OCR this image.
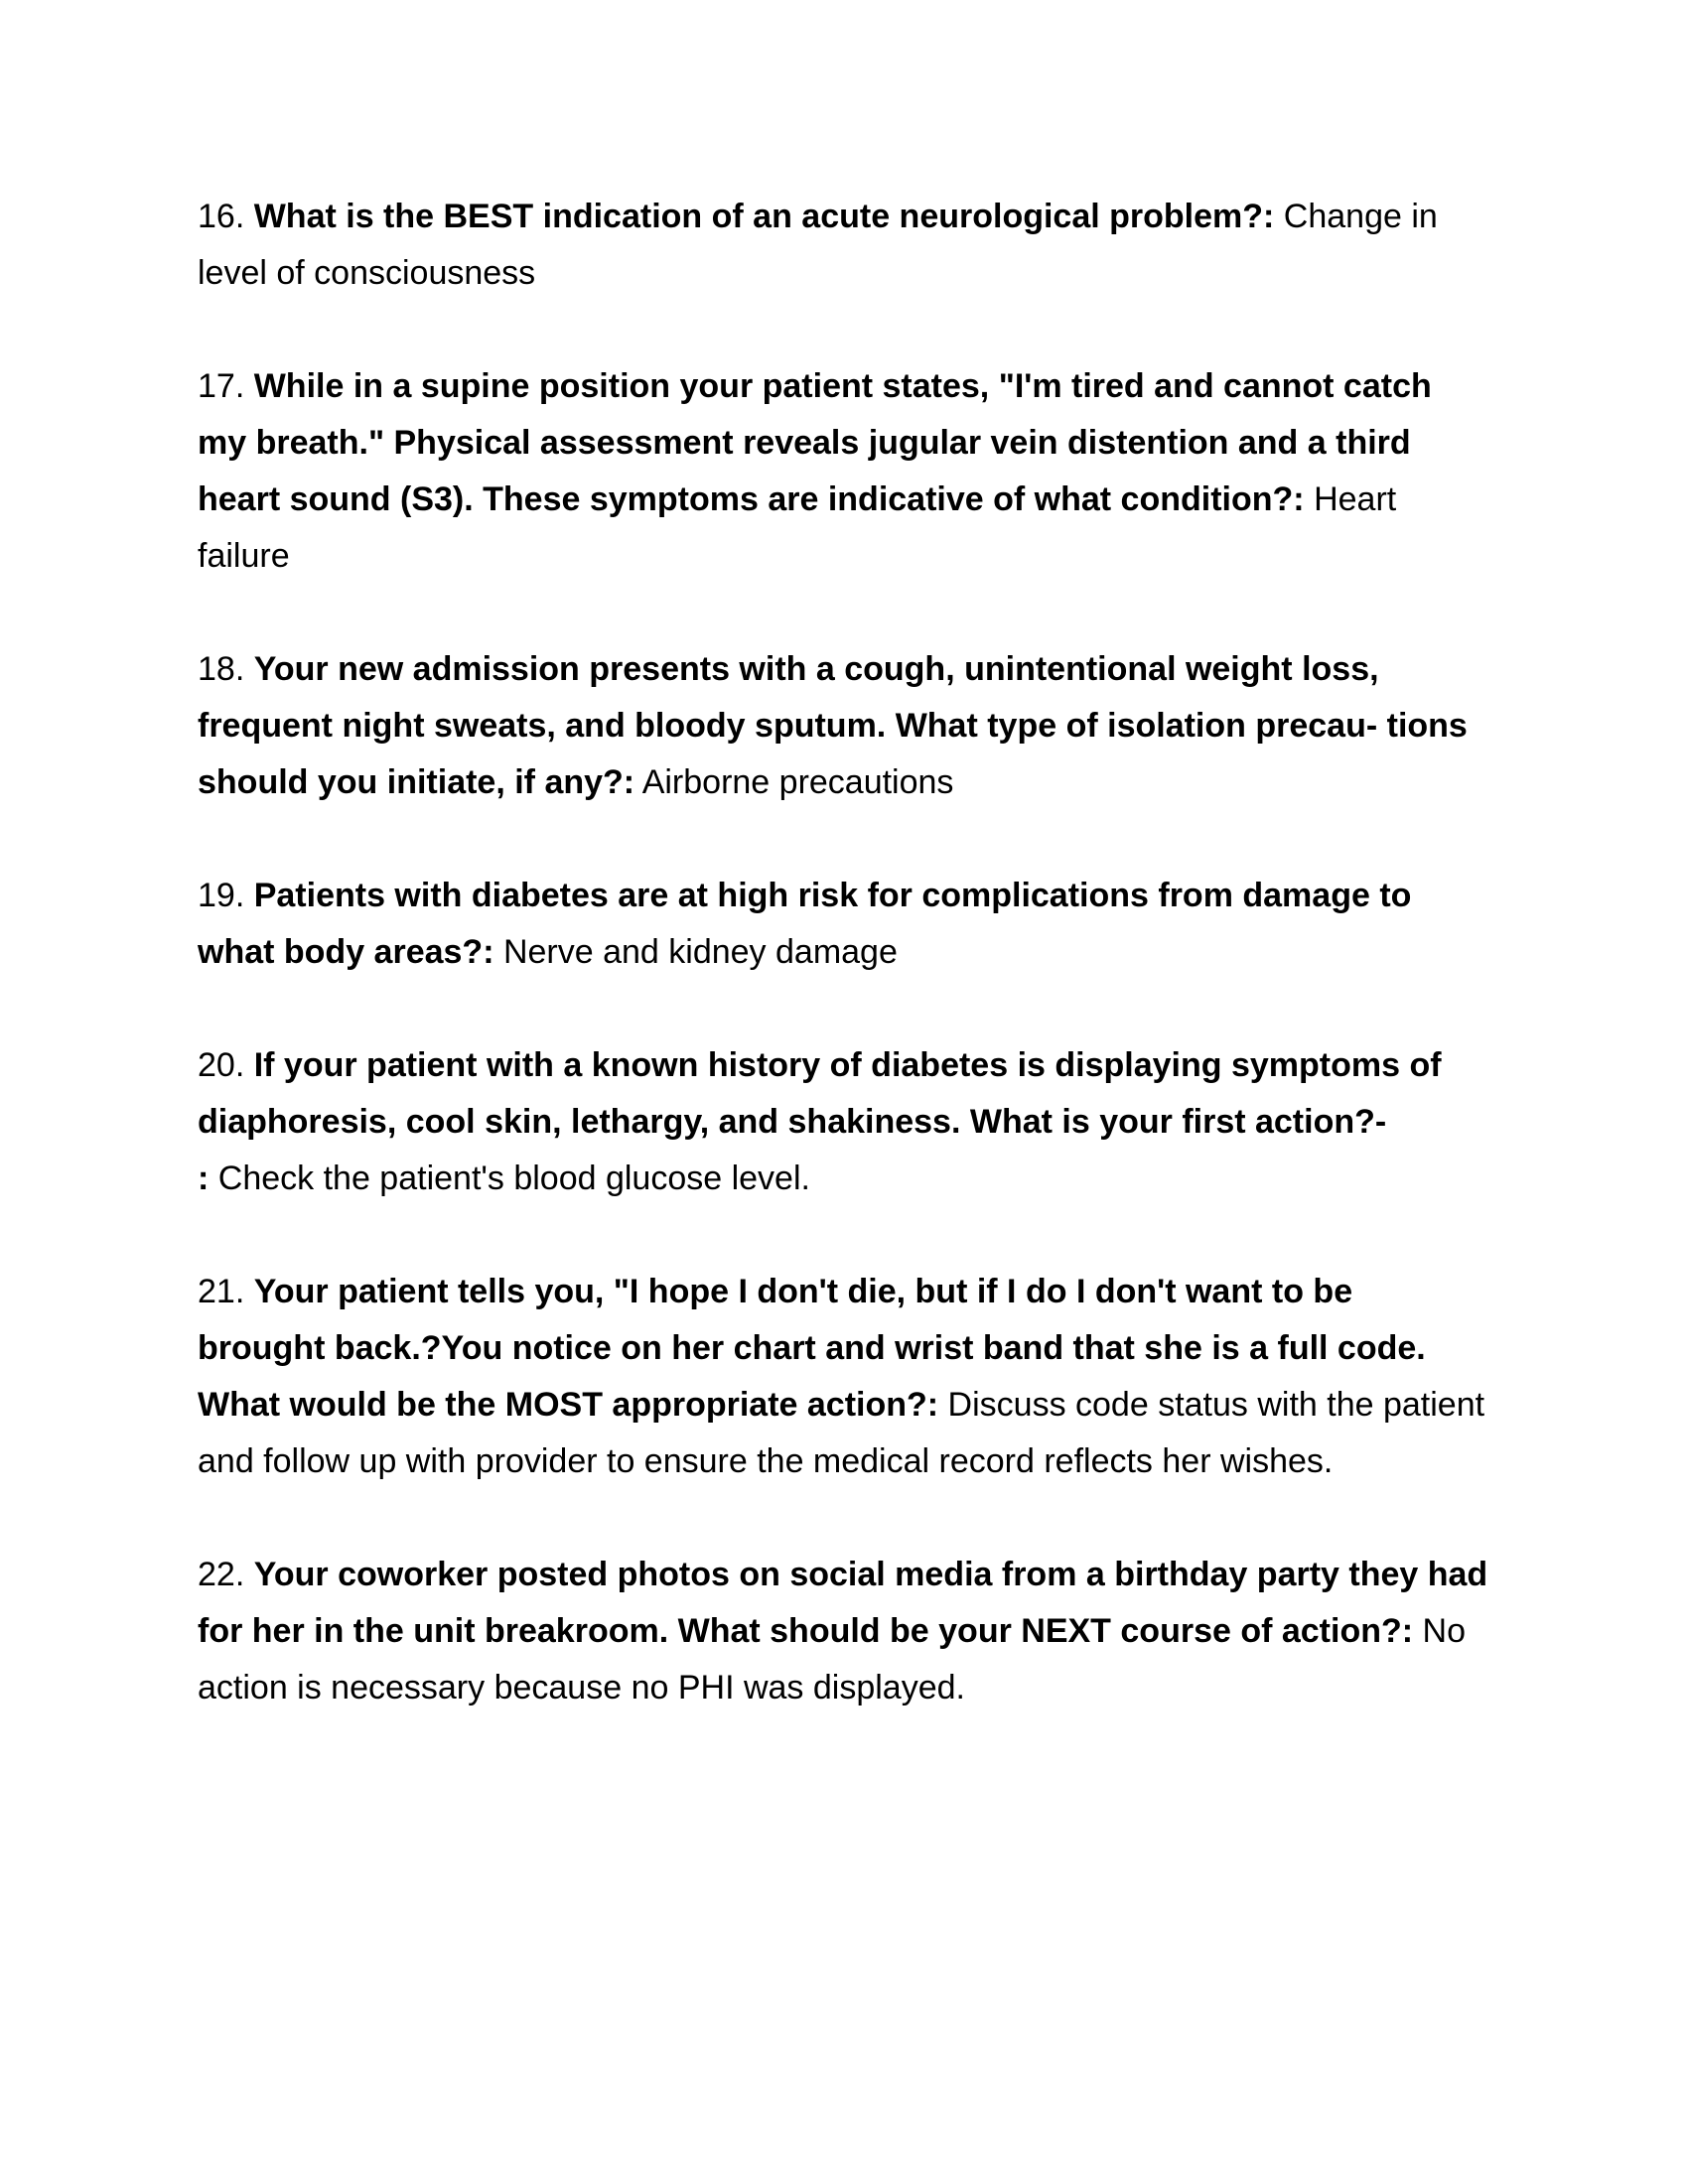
16. What is the BEST indication of an acute neurological problem?: Change in level of consciousness

17. While in a supine position your patient states, "I'm tired and cannot catch my breath." Physical assessment reveals jugular vein distention and a third heart sound (S3). These symptoms are indicative of what condition?: Heart failure

18. Your new admission presents with a cough, unintentional weight loss, frequent night sweats, and bloody sputum. What type of isolation precau- tions should you initiate, if any?: Airborne precautions

19. Patients with diabetes are at high risk for complications from damage to what body areas?: Nerve and kidney damage

20. If your patient with a known history of diabetes is displaying symptoms of diaphoresis, cool skin, lethargy, and shakiness. What is your first action?-
: Check the patient's blood glucose level.

21. Your patient tells you, "I hope I don't die, but if I do I don't want to be brought back.?You notice on her chart and wrist band that she is a full code. What would be the MOST appropriate action?: Discuss code status with the patient and follow up with provider to ensure the medical record reflects her wishes.

22. Your coworker posted photos on social media from a birthday party they had for her in the unit breakroom. What should be your NEXT course of action?: No action is necessary because no PHI was displayed.
